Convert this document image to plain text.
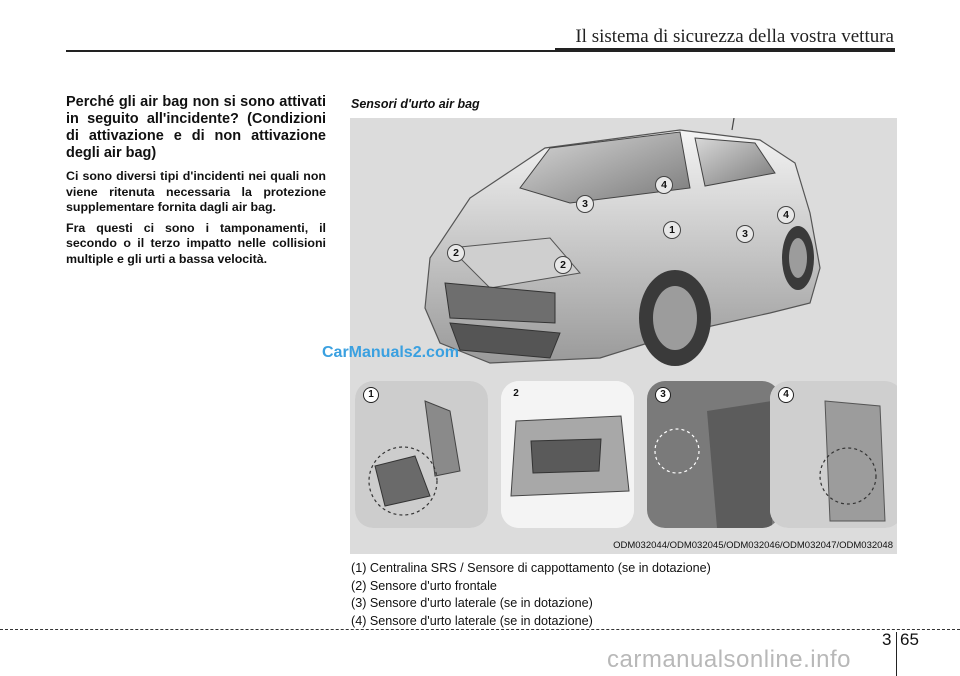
Il sistema di sicurezza della vostra vettura

Perché gli air bag non si sono attivati in seguito all'incidente? (Condizioni di attivazione e di non attivazione degli air bag)

Ci sono diversi tipi d'incidenti nei quali non viene ritenuta necessaria la protezione supplementare fornita dagli air bag.

Fra questi ci sono i tamponamenti, il secondo o il terzo impatto nelle collisioni multiple e gli urti a bassa velocità.

Sensori d'urto air bag
2
2
3
4
1	3
4
1	2	3	4
ODM032044/ODM032045/ODM032046/ODM032047/ODM032048
CarManuals2.com
(1) Centralina SRS / Sensore di cappottamento (se in dotazione)
(2) Sensore d'urto frontale
(3) Sensore d'urto laterale (se in dotazione)
(4) Sensore d'urto laterale (se in dotazione)
3 65
carmanualsonline.info
